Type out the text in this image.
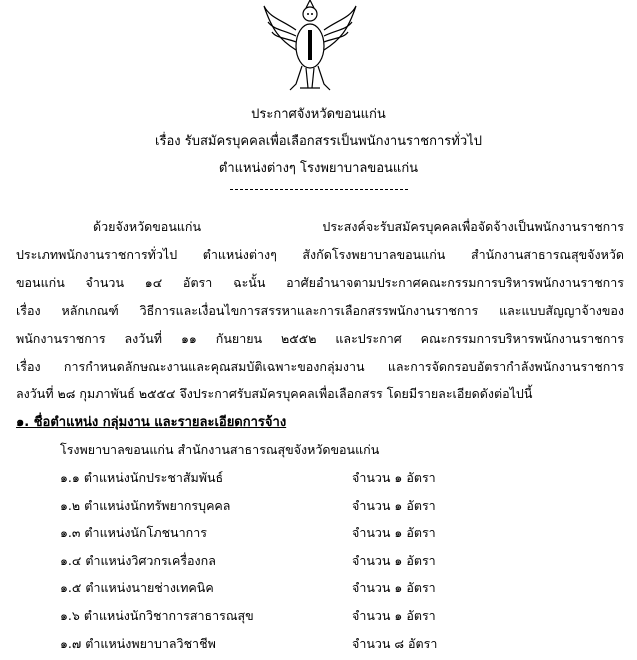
ประกาศจังหวัดขอนแก่น
เรื่อง รับสมัครบุคคลเพื่อเลือกสรรเป็นพนักงานราชการทั่วไป
ตำแหน่งต่างๆ โรงพยาบาลขอนแก่น
ด้วยจังหวัดขอนแก่น ประสงค์จะรับสมัครบุคคลเพื่อจัดจ้างเป็นพนักงานราชการ
ประเภทพนักงานราชการทั่วไป ตำแหน่งต่างๆ สังกัดโรงพยาบาลขอนแก่น สำนักงานสาธารณสุขจังหวัด
ขอนแก่น จำนวน ๑๔ อัตรา ฉะนั้น อาศัยอำนาจตามประกาศคณะกรรมการบริหารพนักงานราชการ
เรื่อง หลักเกณฑ์ วิธีการและเงื่อนไขการสรรหาและการเลือกสรรพนักงานราชการ และแบบสัญญาจ้างของ
พนักงานราชการ ลงวันที่ ๑๑ กันยายน ๒๕๕๒ และประกาศ คณะกรรมการบริหารพนักงานราชการ
เรื่อง การกำหนดลักษณะงานและคุณสมบัติเฉพาะของกลุ่มงาน และการจัดกรอบอัตรากำลังพนักงานราชการ
ลงวันที่ ๒๘ กุมภาพันธ์ ๒๕๕๔ จึงประกาศรับสมัครบุคคลเพื่อเลือกสรร โดยมีรายละเอียดดังต่อไปนี้
๑. ชื่อตำแหน่ง กลุ่มงาน และรายละเอียดการจ้าง
โรงพยาบาลขอนแก่น สำนักงานสาธารณสุขจังหวัดขอนแก่น
๑.๑ ตำแหน่งนักประชาสัมพันธ์	จำนวน ๑ อัตรา
๑.๒ ตำแหน่งนักทรัพยากรบุคคล	จำนวน ๑ อัตรา
๑.๓ ตำแหน่งนักโภชนาการ	จำนวน ๑ อัตรา
๑.๔ ตำแหน่งวิศวกรเครื่องกล	จำนวน ๑ อัตรา
๑.๕ ตำแหน่งนายช่างเทคนิค	จำนวน ๑ อัตรา
๑.๖ ตำแหน่งนักวิชาการสาธารณสุข	จำนวน ๑ อัตรา
๑.๗ ตำแหน่งพยาบาลวิชาชีพ	จำนวน ๘ อัตรา
